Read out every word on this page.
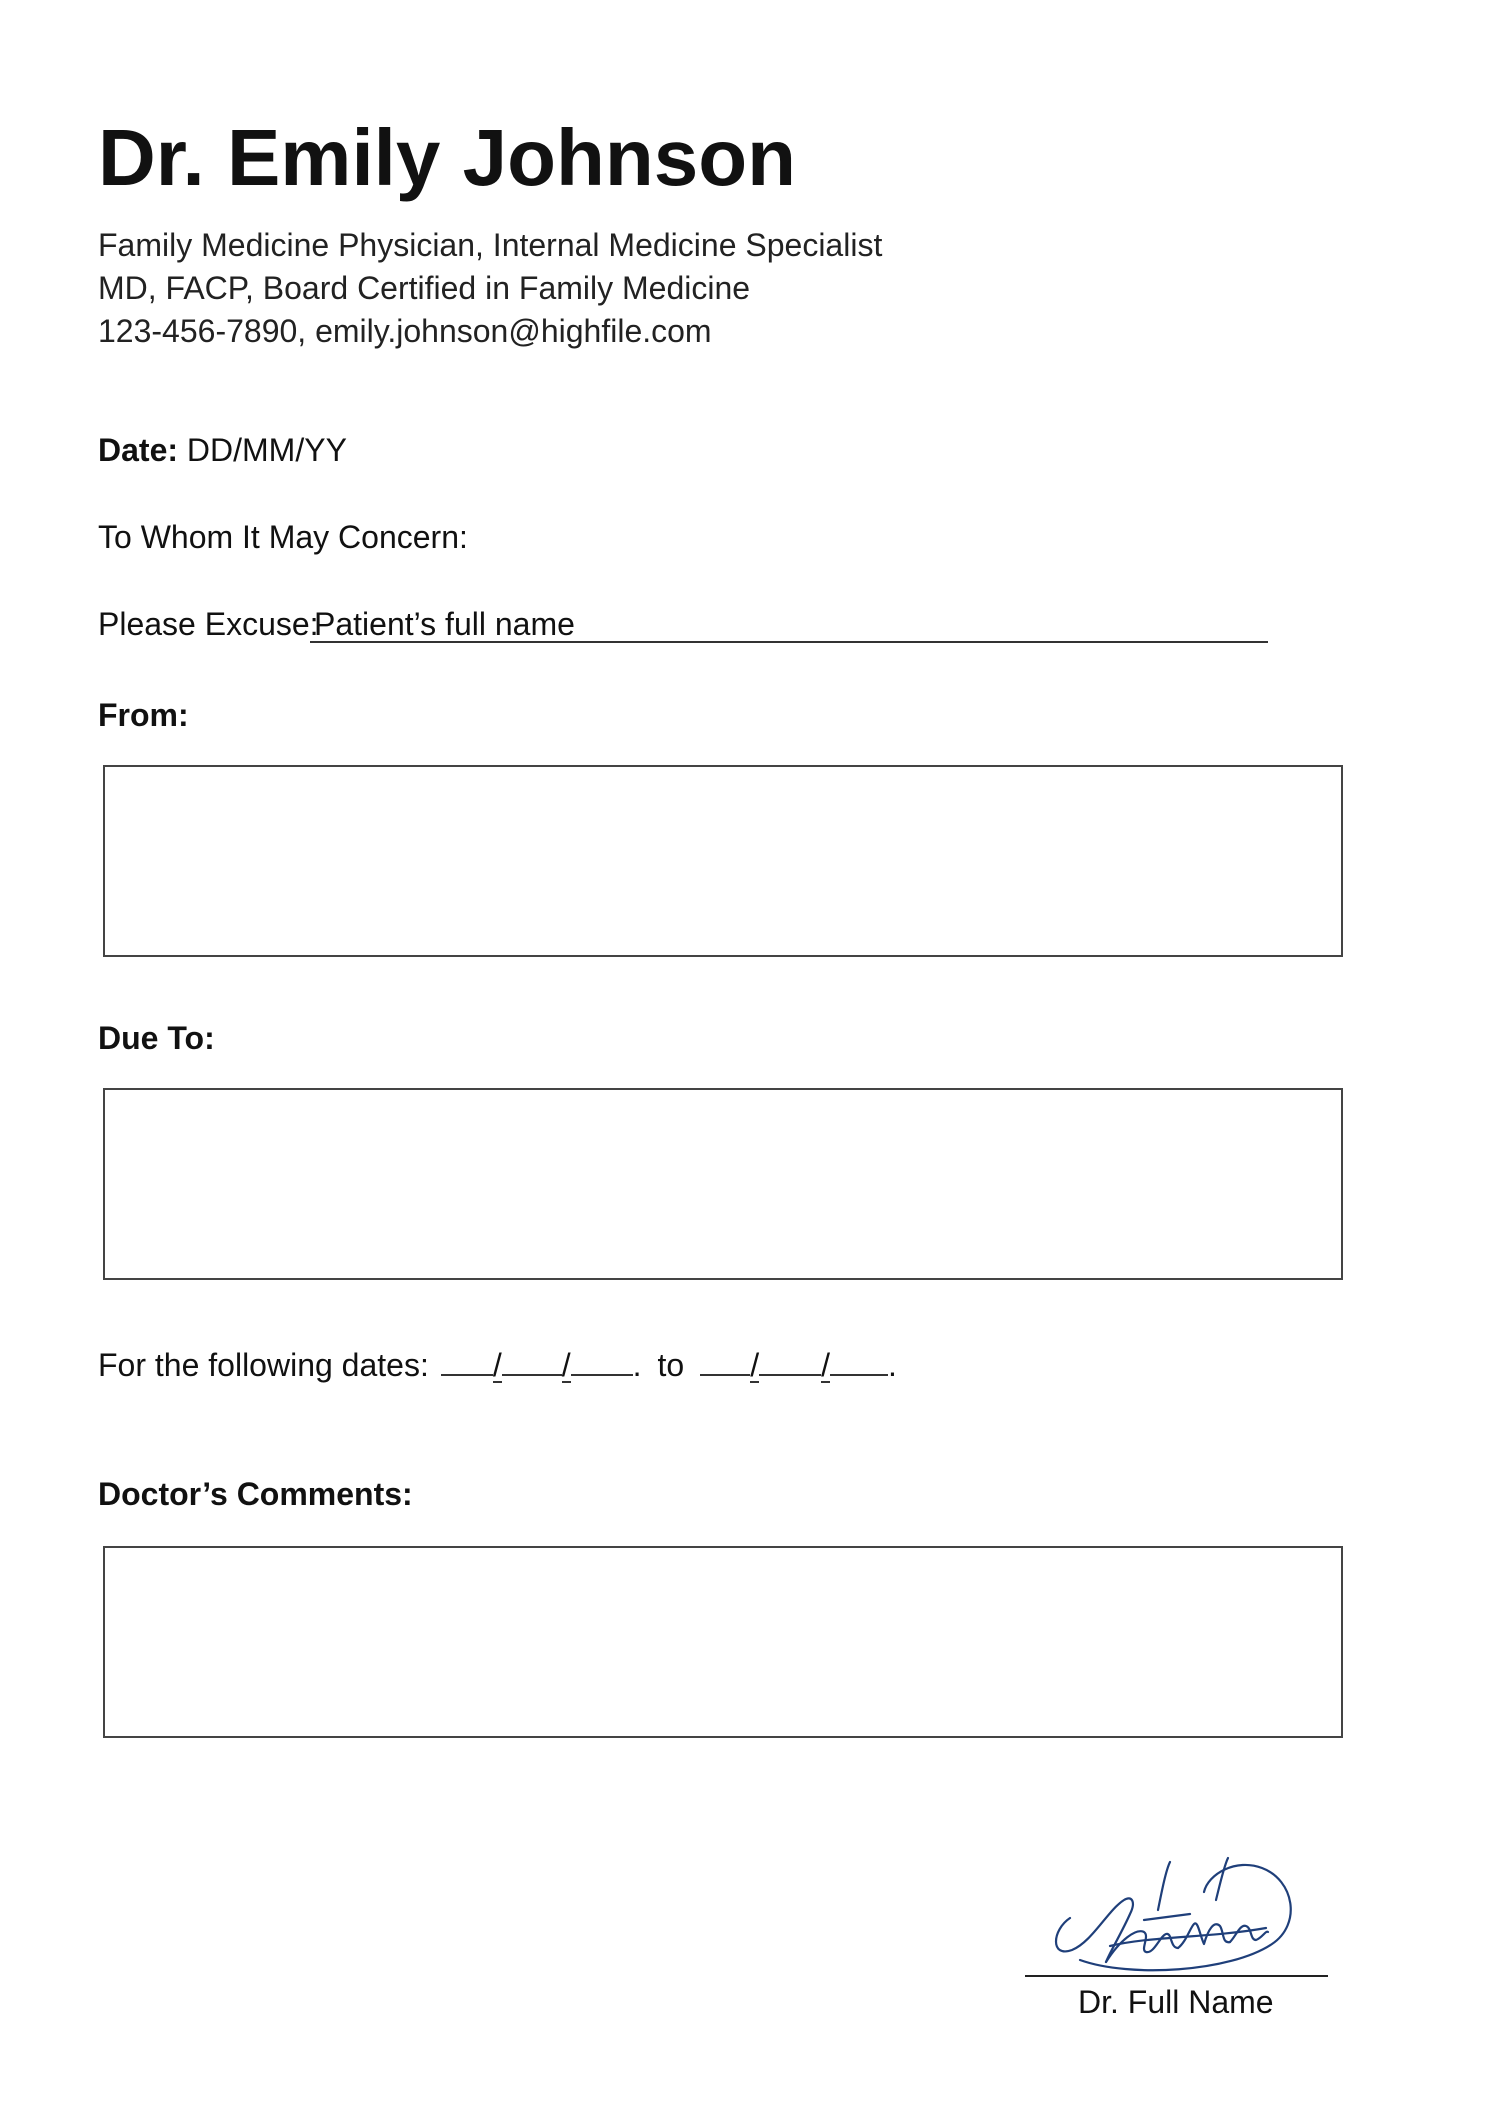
Dr. Emily Johnson
Family Medicine Physician, Internal Medicine Specialist
MD, FACP, Board Certified in Family Medicine
123-456-7890, emily.johnson@highfile.com
Date: DD/MM/YY
To Whom It May Concern:
Please Excuse:
Patient’s full name
From:
Due To:
For the following dates: / / . to / / .
Doctor’s Comments:
Dr. Full Name
